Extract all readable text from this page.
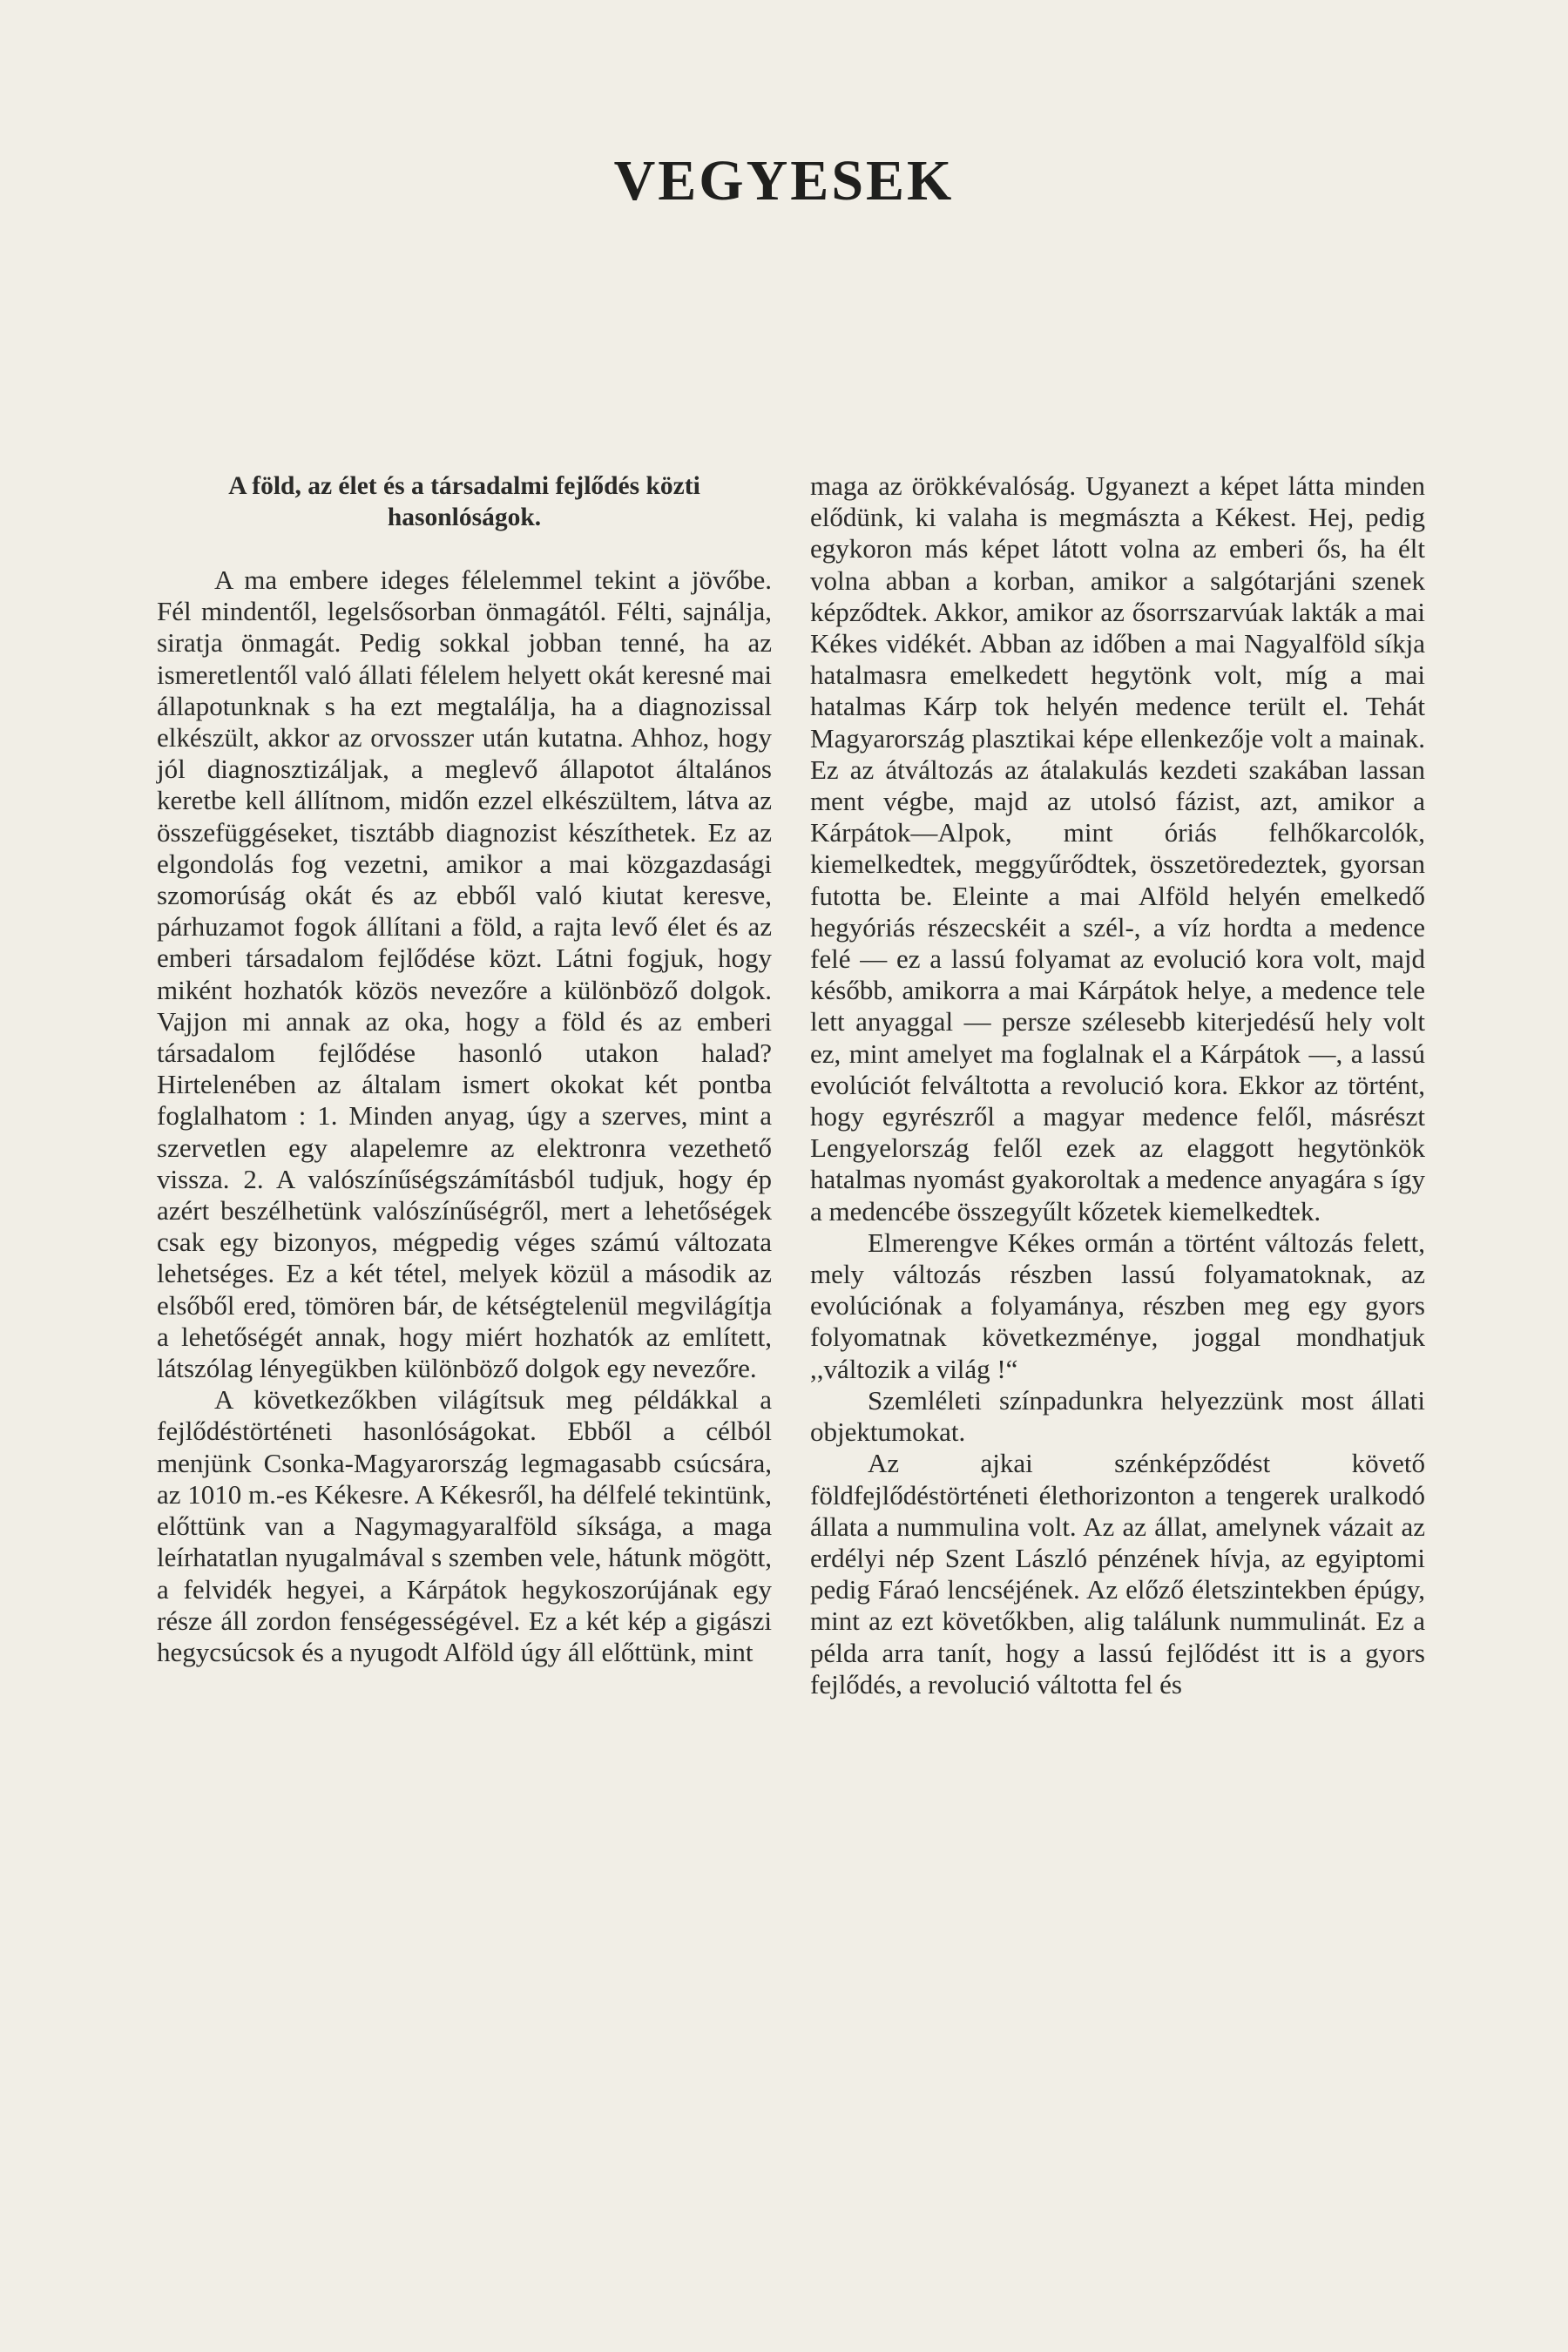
VEGYESEK
A föld, az élet és a társadalmi fejlődés közti hasonlóságok.

A ma embere ideges félelemmel tekint a jövőbe. Fél mindentől, legelsősorban önmagától. Félti, sajnálja, siratja önmagát. Pedig sokkal jobban tenné, ha az ismeretlentől való állati félelem helyett okát keresné mai állapotunknak s ha ezt megtalálja, ha a diagnozissal elkészült, akkor az orvosszer után kutatna. Ahhoz, hogy jól diagnosztizáljak, a meglevő állapotot általános keretbe kell állítnom, midőn ezzel elkészültem, látva az összefüggéseket, tisztább diagnozist készíthetek. Ez az elgondolás fog vezetni, amikor a mai közgazdasági szomorúság okát és az ebből való kiutat keresve, párhuzamot fogok állítani a föld, a rajta levő élet és az emberi társadalom fejlődése közt. Látni fogjuk, hogy miként hozhatók közös nevezőre a különböző dolgok. Vajjon mi annak az oka, hogy a föld és az emberi társadalom fejlődése hasonló utakon halad? Hirtelenében az általam ismert okokat két pontba foglalhatom : 1. Minden anyag, úgy a szerves, mint a szervetlen egy alapelemre az elektronra vezethető vissza. 2. A valószínűségszámításból tudjuk, hogy ép azért beszélhetünk valószínűségről, mert a lehetőségek csak egy bizonyos, mégpedig véges számú változata lehetséges. Ez a két tétel, melyek közül a második az elsőből ered, tömören bár, de kétségtelenül megvilágítja a lehetőségét annak, hogy miért hozhatók az említett, látszólag lényegükben különböző dolgok egy nevezőre.

A következőkben világítsuk meg példákkal a fejlődéstörténeti hasonlóságokat. Ebből a célból menjünk Csonka-Magyarország legmagasabb csúcsára, az 1010 m.-es Kékesre. A Kékesről, ha délfelé tekintünk, előttünk van a Nagymagyaralföld síksága, a maga leírhatatlan nyugalmával s szemben vele, hátunk mögött, a felvidék hegyei, a Kárpátok hegykoszorújának egy része áll zordon fenségességével. Ez a két kép a gigászi hegycsúcsok és a nyugodt Alföld úgy áll előttünk, mint

maga az örökkévalóság. Ugyanezt a képet látta minden elődünk, ki valaha is megmászta a Kékest. Hej, pedig egykoron más képet látott volna az emberi ős, ha élt volna abban a korban, amikor a salgótarjáni szenek képződtek. Akkor, amikor az ősorrszarvúak lakták a mai Kékes vidékét. Abban az időben a mai Nagyalföld síkja hatalmasra emelkedett hegytönk volt, míg a mai hatalmas Kárp tok helyén medence terült el. Tehát Magyarország plasztikai képe ellenkezője volt a mainak. Ez az átváltozás az átalakulás kezdeti szakában lassan ment végbe, majd az utolsó fázist, azt, amikor a Kárpátok—Alpok, mint óriás felhőkarcolók, kiemelkedtek, meggyűrődtek, összetöredeztek, gyorsan futotta be. Eleinte a mai Alföld helyén emelkedő hegyóriás részecskéit a szél-, a víz hordta a medence felé — ez a lassú folyamat az evolució kora volt, majd később, amikorra a mai Kárpátok helye, a medence tele lett anyaggal — persze szélesebb kiterjedésű hely volt ez, mint amelyet ma foglalnak el a Kárpátok —, a lassú evolúciót felváltotta a revolució kora. Ekkor az történt, hogy egyrészről a magyar medence felől, másrészt Lengyelország felől ezek az elaggott hegytönkök hatalmas nyomást gyakoroltak a medence anyagára s így a medencébe összegyűlt kőzetek kiemelkedtek.

Elmerengve Kékes ormán a történt változás felett, mely változás részben lassú folyamatoknak, az evolúciónak a folyamánya, részben meg egy gyors folyomatnak következménye, joggal mondhatjuk ,,változik a világ !“

Szemléleti színpadunkra helyezzünk most állati objektumokat.

Az ajkai szénképződést követő földfejlődéstörténeti élethorizonton a tengerek uralkodó állata a nummulina volt. Az az állat, amelynek vázait az erdélyi nép Szent László pénzének hívja, az egyiptomi pedig Fáraó lencséjének. Az előző életszintekben épúgy, mint az ezt követőkben, alig találunk nummulinát. Ez a példa arra tanít, hogy a lassú fejlődést itt is a gyors fejlődés, a revolució váltotta fel és
